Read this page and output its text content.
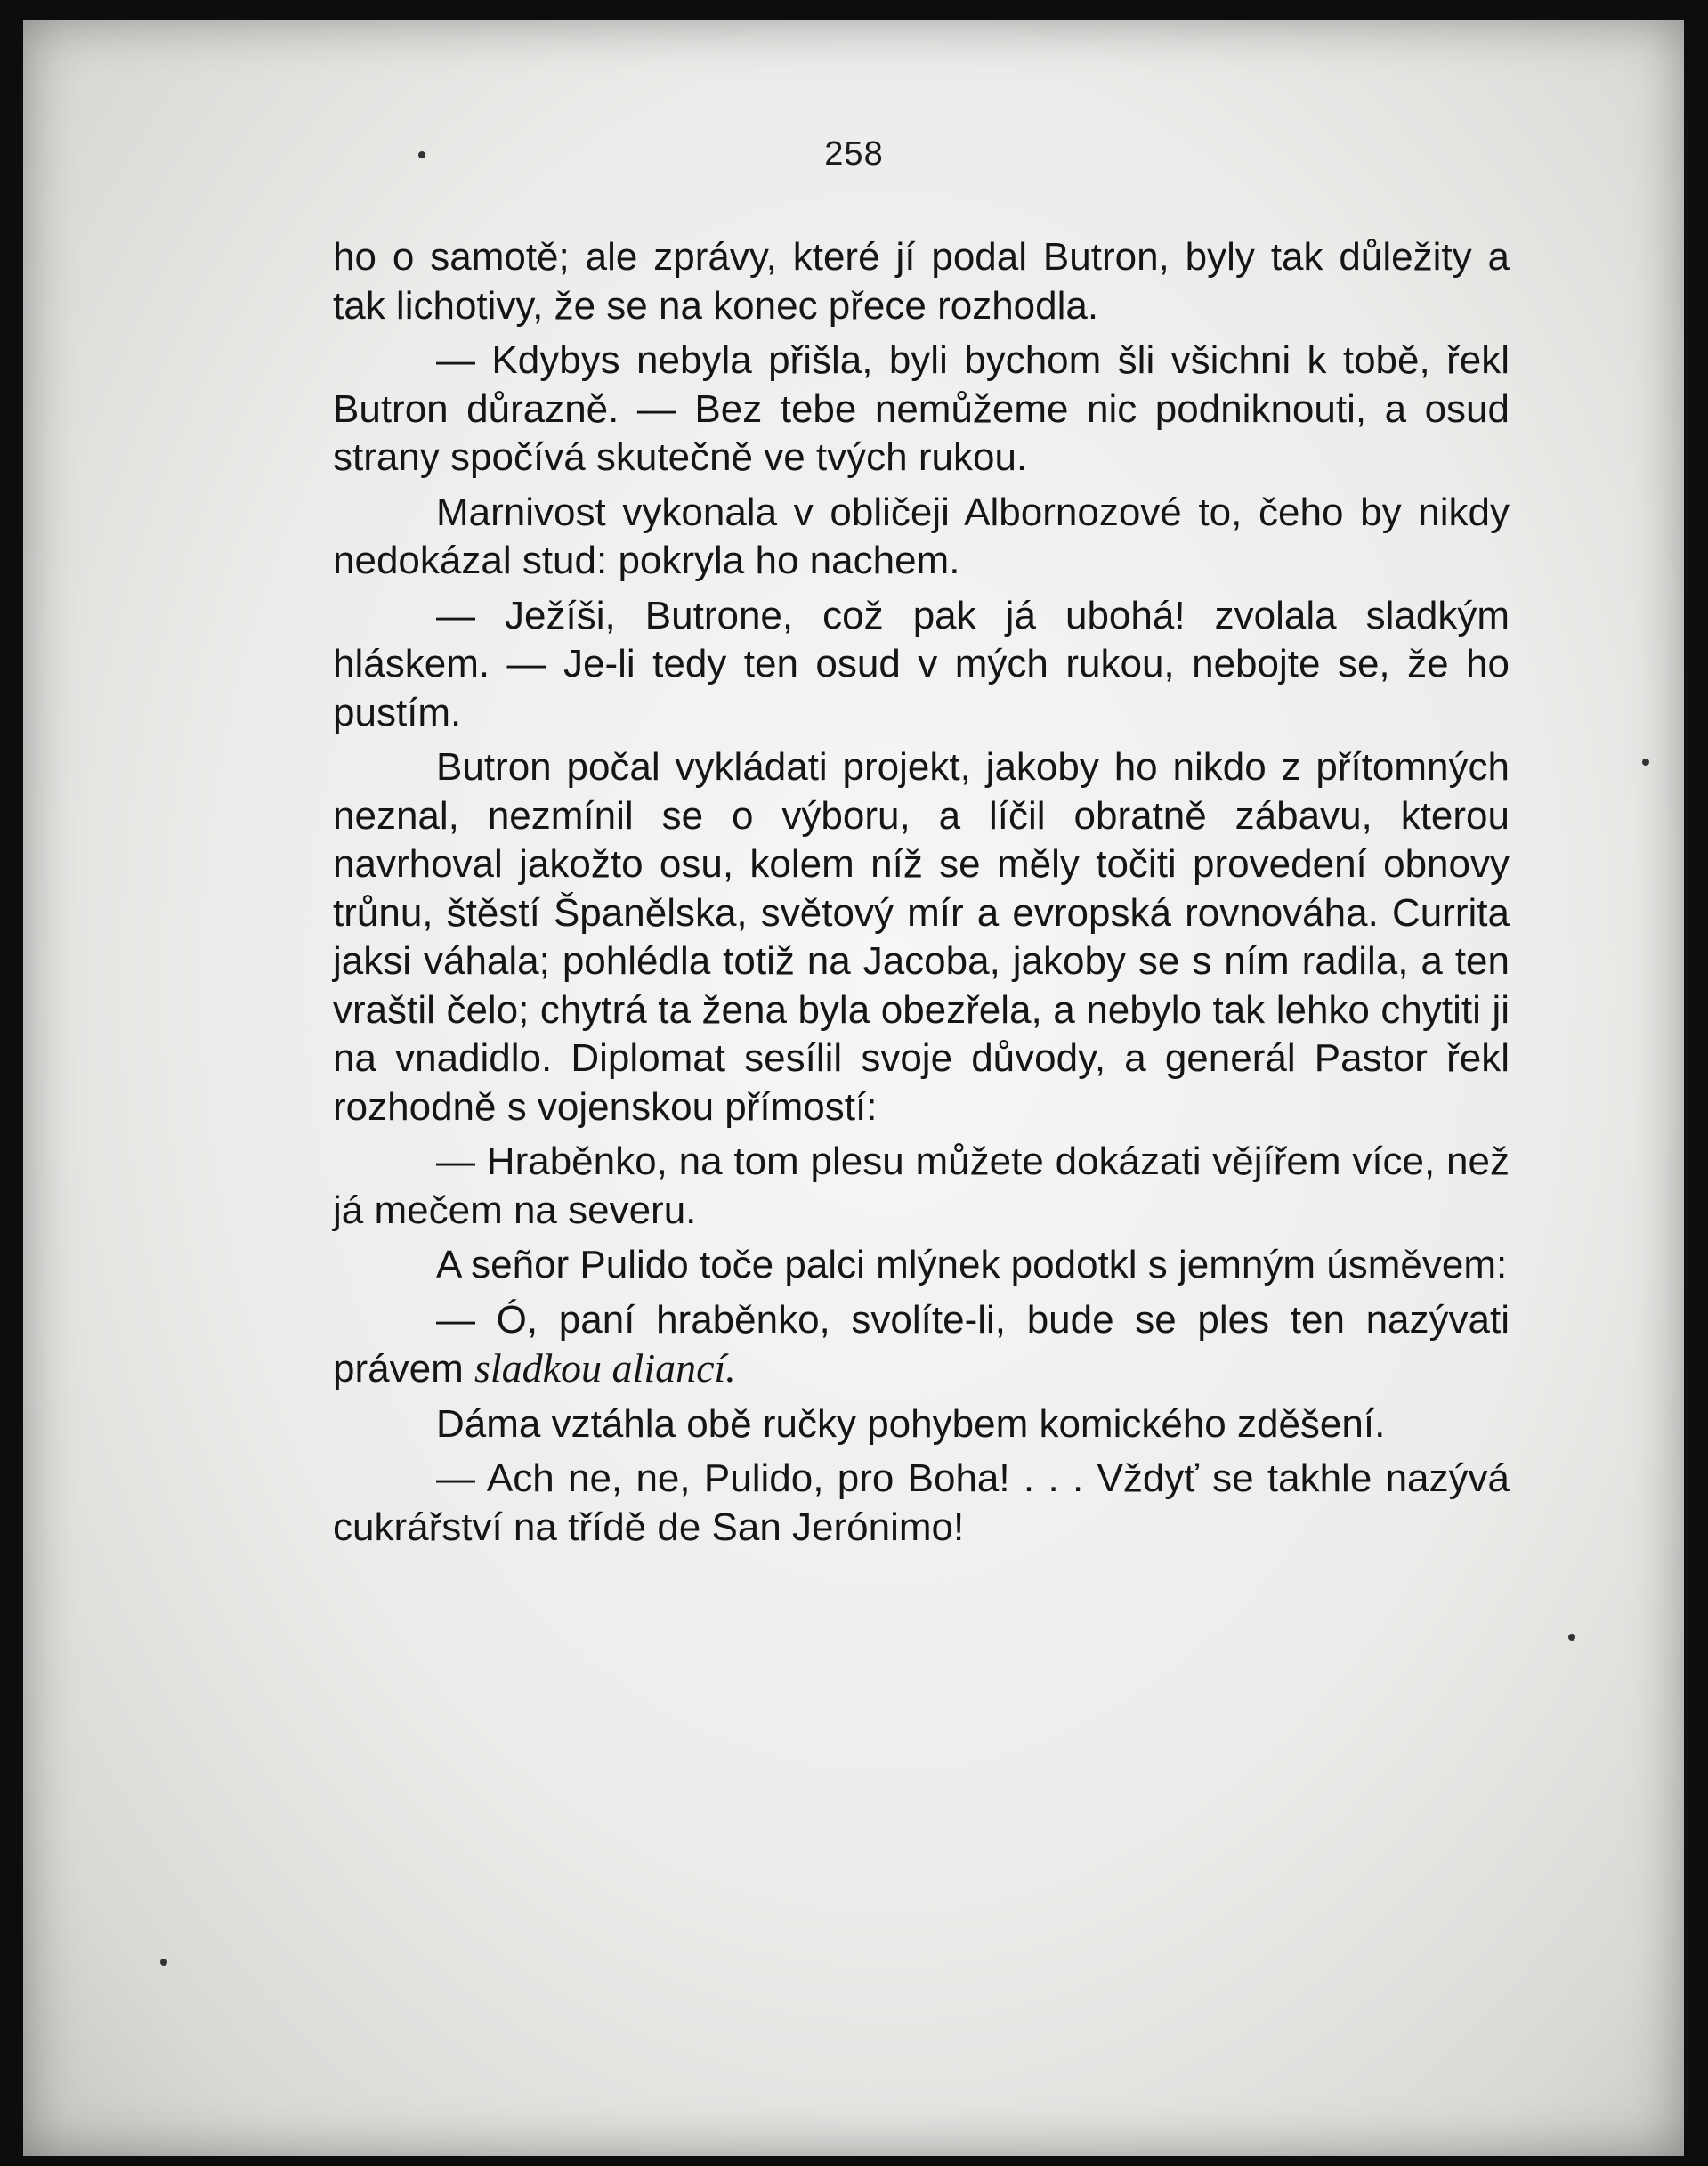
258

ho o samotě; ale zprávy, které jí podal Butron, byly tak důležity a tak lichotivy, že se na konec přece rozhodla.

— Kdybys nebyla přišla, byli bychom šli všichni k tobě, řekl Butron důrazně. — Bez tebe nemůžeme nic podniknouti, a osud strany spočívá skutečně ve tvých rukou.

Marnivost vykonala v obličeji Albornozové to, čeho by nikdy nedokázal stud: pokryla ho nachem.

— Ježíši, Butrone, což pak já ubohá! zvolala sladkým hláskem. — Je-li tedy ten osud v mých rukou, nebojte se, že ho pustím.

Butron počal vykládati projekt, jakoby ho nikdo z přítomných neznal, nezmínil se o výboru, a líčil obratně zábavu, kterou navrhoval jakožto osu, kolem níž se měly točiti provedení obnovy trůnu, štěstí Španělska, světový mír a evropská rovnováha. Currita jaksi váhala; pohlédla totiž na Jacoba, jakoby se s ním radila, a ten vraštil čelo; chytrá ta žena byla obezřela, a nebylo tak lehko chytiti ji na vnadidlo. Diplomat sesílil svoje důvody, a generál Pastor řekl rozhodně s vojenskou přímostí:

— Hraběnko, na tom plesu můžete dokázati vějířem více, než já mečem na severu.

A señor Pulido toče palci mlýnek podotkl s jemným úsměvem:

— Ó, paní hraběnko, svolíte-li, bude se ples ten nazývati právem sladkou aliancí.

Dáma vztáhla obě ručky pohybem komického zděšení.

— Ach ne, ne, Pulido, pro Boha! . . . Vždyť se takhle nazývá cukrářství na třídě de San Jerónimo!
